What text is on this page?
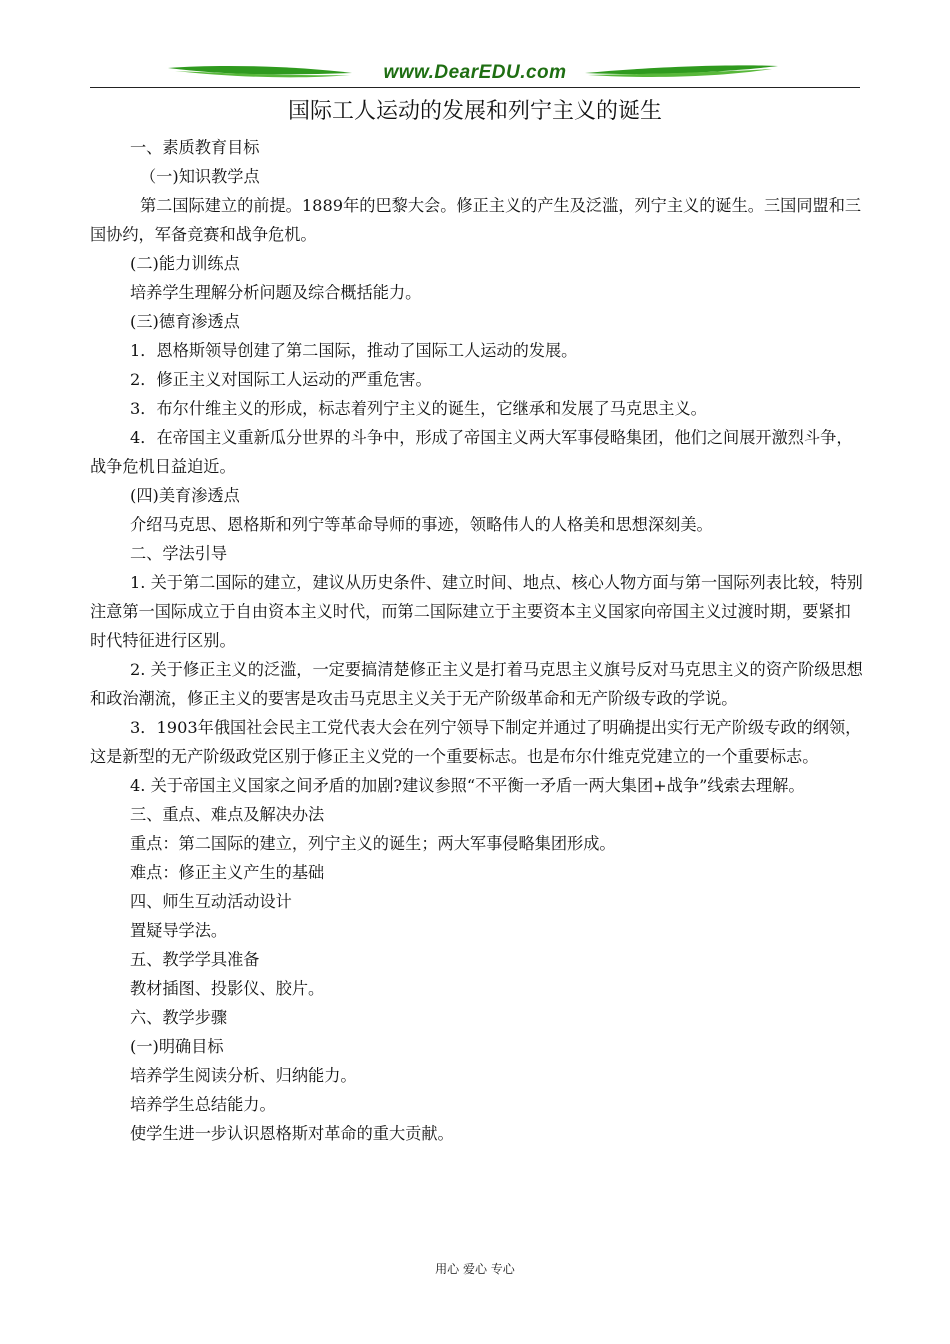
www.DearEDU.com
国际工人运动的发展和列宁主义的诞生

一、素质教育目标

（一)知识教学点

第二国际建立的前提。1889年的巴黎大会。修正主义的产生及泛滥，列宁主义的诞生。三国同盟和三国协约，军备竞赛和战争危机。

(二)能力训练点

培养学生理解分析问题及综合概括能力。

(三)德育渗透点

1．恩格斯领导创建了第二国际，推动了国际工人运动的发展。

2．修正主义对国际工人运动的严重危害。

3．布尔什维主义的形成，标志着列宁主义的诞生，它继承和发展了马克思主义。

4．在帝国主义重新瓜分世界的斗争中，形成了帝国主义两大军事侵略集团，他们之间展开激烈斗争，战争危机日益迫近。

(四)美育渗透点

介绍马克思、恩格斯和列宁等革命导师的事迹，领略伟人的人格美和思想深刻美。

二、学法引导

1. 关于第二国际的建立，建议从历史条件、建立时间、地点、核心人物方面与第一国际列表比较，特别注意第一国际成立于自由资本主义时代，而第二国际建立于主要资本主义国家向帝国主义过渡时期，要紧扣时代特征进行区别。

2. 关于修正主义的泛滥，一定要搞清楚修正主义是打着马克思主义旗号反对马克思主义的资产阶级思想和政治潮流，修正主义的要害是攻击马克思主义关于无产阶级革命和无产阶级专政的学说。

3．1903年俄国社会民主工党代表大会在列宁领导下制定并通过了明确提出实行无产阶级专政的纲领，这是新型的无产阶级政党区别于修正主义党的一个重要标志。也是布尔什维克党建立的一个重要标志。

4. 关于帝国主义国家之间矛盾的加剧?建议参照“不平衡一矛盾一两大集团+战争”线索去理解。

三、重点、难点及解决办法

重点：第二国际的建立，列宁主义的诞生；两大军事侵略集团形成。

难点：修正主义产生的基础

四、师生互动活动设计

置疑导学法。

五、教学学具准备

教材插图、投影仪、胶片。

六、教学步骤

(一)明确目标

培养学生阅读分析、归纳能力。

培养学生总结能力。

使学生进一步认识恩格斯对革命的重大贡献。

用心 爱心 专心
